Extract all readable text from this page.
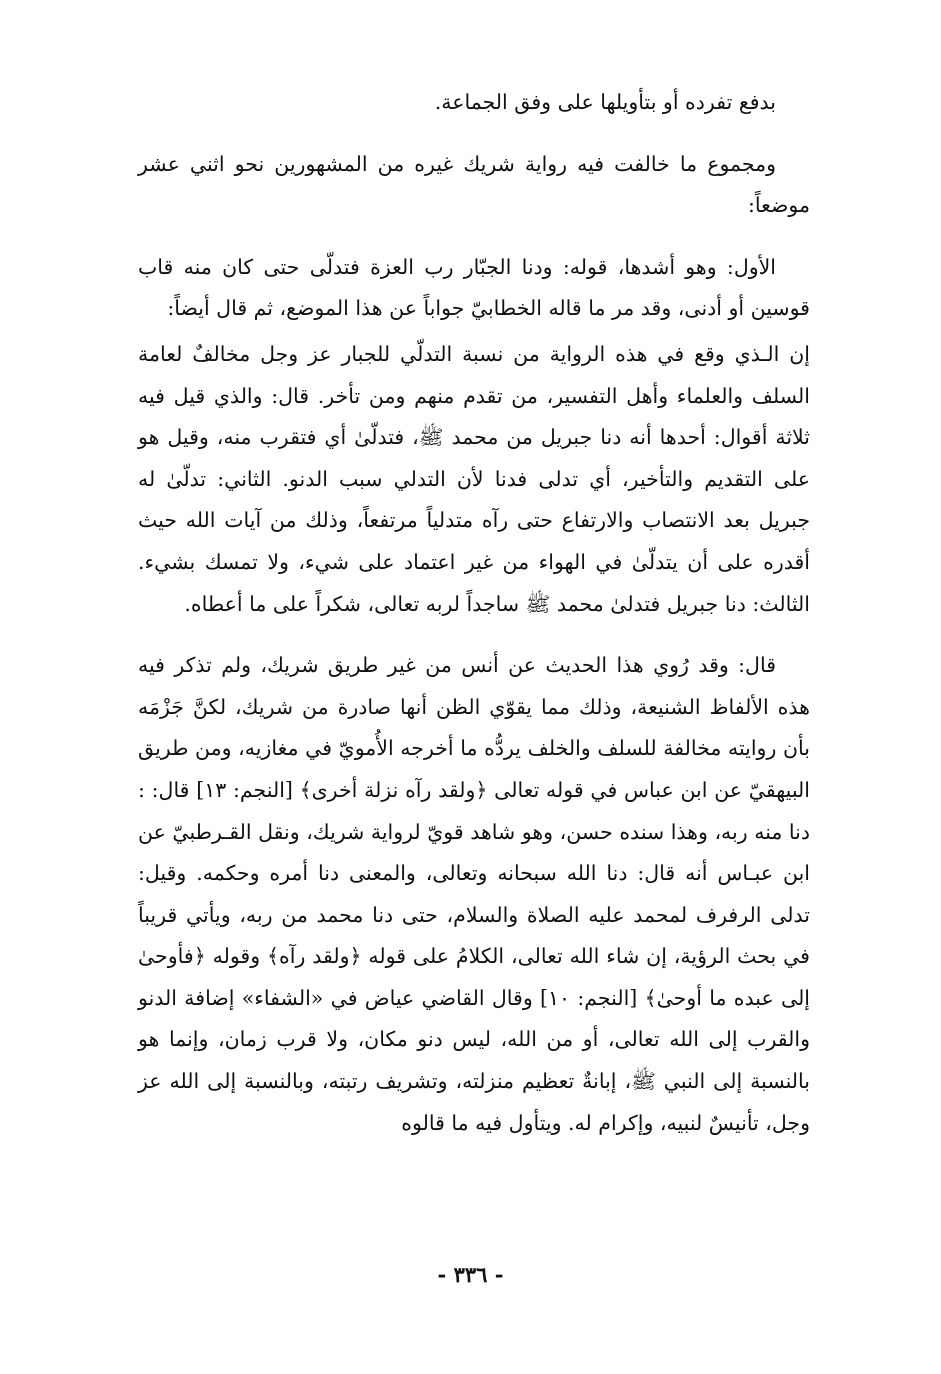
بدفع تفرده أو بتأويلها على وفق الجماعة.

ومجموع ما خالفت فيه رواية شريك غيره من المشهورين نحو اثني عشر موضعاً:

الأول: وهو أشدها، قوله: ودنا الجبّار رب العزة فتدلّى حتى كان منه قاب قوسين أو أدنى، وقد مر ما قاله الخطابيّ جواباً عن هذا الموضع، ثم قال أيضاً:

إن الـذي وقع في هذه الرواية من نسبة التدلّي للجبار عز وجل مخالفٌ لعامة السلف والعلماء وأهل التفسير، من تقدم منهم ومن تأخر. قال: والذي قيل فيه ثلاثة أقوال: أحدها أنه دنا جبريل من محمد ﷺ، فتدلّىٰ أي فتقرب منه، وقيل هو على التقديم والتأخير، أي تدلى فدنا لأن التدلي سبب الدنو. الثاني: تدلّىٰ له جبريل بعد الانتصاب والارتفاع حتى رآه متدلياً مرتفعاً، وذلك من آيات الله حيث أقدره على أن يتدلّىٰ في الهواء من غير اعتماد على شيء، ولا تمسك بشيء. الثالث: دنا جبريل فتدلىٰ محمد ﷺ ساجداً لربه تعالى، شكراً على ما أعطاه.

قال: وقد رُوي هذا الحديث عن أنس من غير طريق شريك، ولم تذكر فيه هذه الألفاظ الشنيعة، وذلك مما يقوّي الظن أنها صادرة من شريك، لكنَّ جَزْمَه بأن روايته مخالفة للسلف والخلف يردُّه ما أخرجه الأُمويّ في مغازيه، ومن طريق البيهقيّ عن ابن عباس في قوله تعالى ﴿ولقد رآه نزلة أخرى﴾ [النجم: ١٣] قال: : دنا منه ربه، وهذا سنده حسن، وهو شاهد قويّ لرواية شريك، ونقل القـرطبيّ عن ابن عبـاس أنه قال: دنا الله سبحانه وتعالى، والمعنى دنا أمره وحكمه. وقيل: تدلى الرفرف لمحمد عليه الصلاة والسلام، حتى دنا محمد من ربه، ويأتي قريباً في بحث الرؤية، إن شاء الله تعالى، الكلامُ على قوله ﴿ولقد رآه﴾ وقوله ﴿فأوحىٰ إلى عبده ما أوحىٰ﴾ [النجم: ١٠] وقال القاضي عياض في «الشفاء» إضافة الدنو والقرب إلى الله تعالى، أو من الله، ليس دنو مكان، ولا قرب زمان، وإنما هو بالنسبة إلى النبي ﷺ، إبانةٌ تعظيم منزلته، وتشريف رتبته، وبالنسبة إلى الله عز وجل، تأنيسٌ لنبيه، وإكرام له. ويتأول فيه ما قالوه

- ٣٣٦ -
